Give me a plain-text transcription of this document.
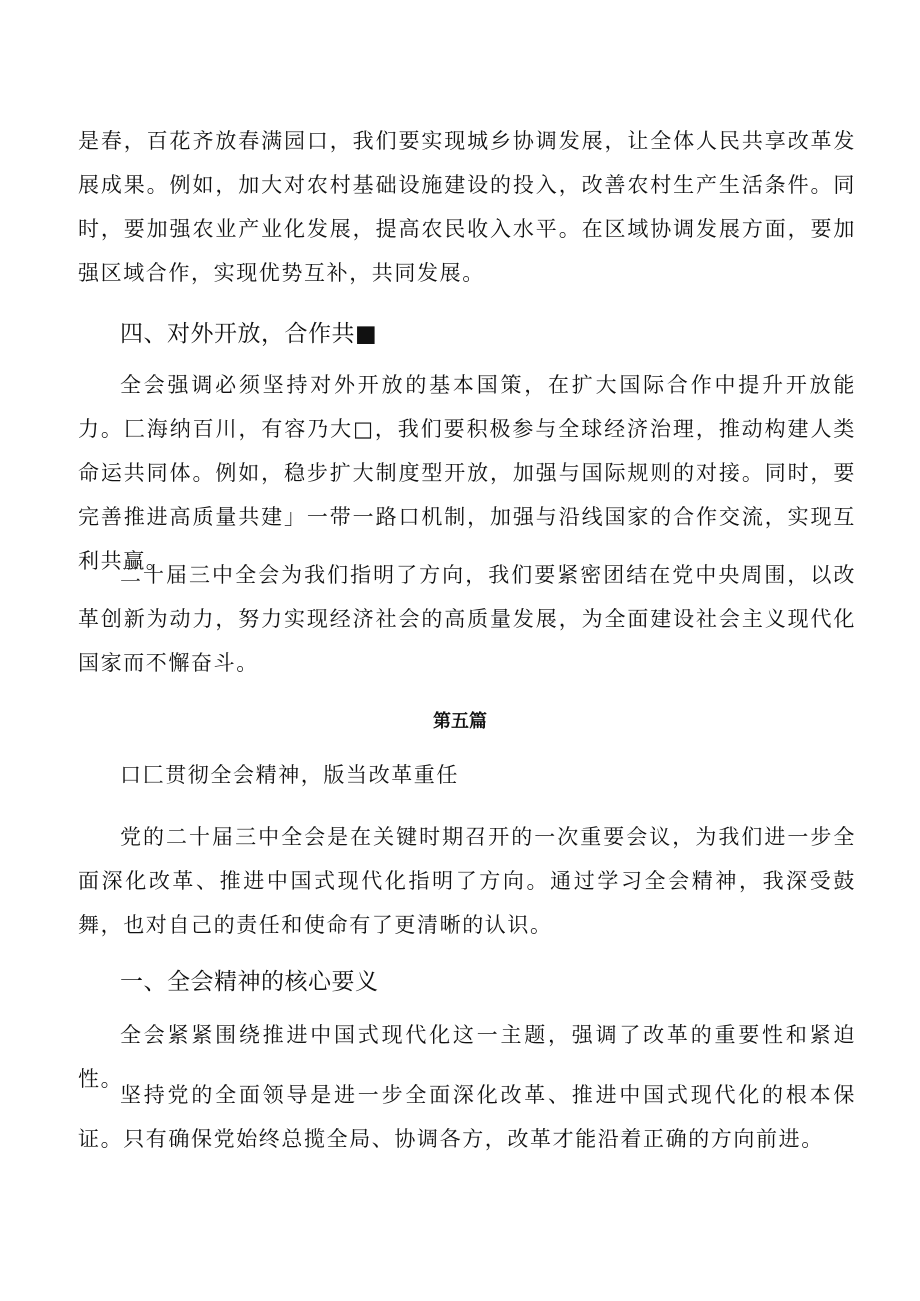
是春，百花齐放春满园口，我们要实现城乡协调发展，让全体人民共享改革发展成果。例如，加大对农村基础设施建设的投入，改善农村生产生活条件。同时，要加强农业产业化发展，提高农民收入水平。在区域协调发展方面，要加强区域合作，实现优势互补，共同发展。

四、对外开放，合作共■

全会强调必须坚持对外开放的基本国策，在扩大国际合作中提升开放能力。匚海纳百川，有容乃大□，我们要积极参与全球经济治理，推动构建人类命运共同体。例如，稳步扩大制度型开放，加强与国际规则的对接。同时，要完善推进高质量共建」一带一路口机制，加强与沿线国家的合作交流，实现互利共赢。

二十届三中全会为我们指明了方向，我们要紧密团结在党中央周围，以改革创新为动力，努力实现经济社会的高质量发展，为全面建设社会主义现代化国家而不懈奋斗。

第五篇

口匚贯彻全会精神，版当改革重任

党的二十届三中全会是在关键时期召开的一次重要会议，为我们进一步全面深化改革、推进中国式现代化指明了方向。通过学习全会精神，我深受鼓舞，也对自己的责任和使命有了更清晰的认识。

一、全会精神的核心要义

全会紧紧围绕推进中国式现代化这一主题，强调了改革的重要性和紧迫性。

坚持党的全面领导是进一步全面深化改革、推进中国式现代化的根本保证。只有确保党始终总揽全局、协调各方，改革才能沿着正确的方向前进。
